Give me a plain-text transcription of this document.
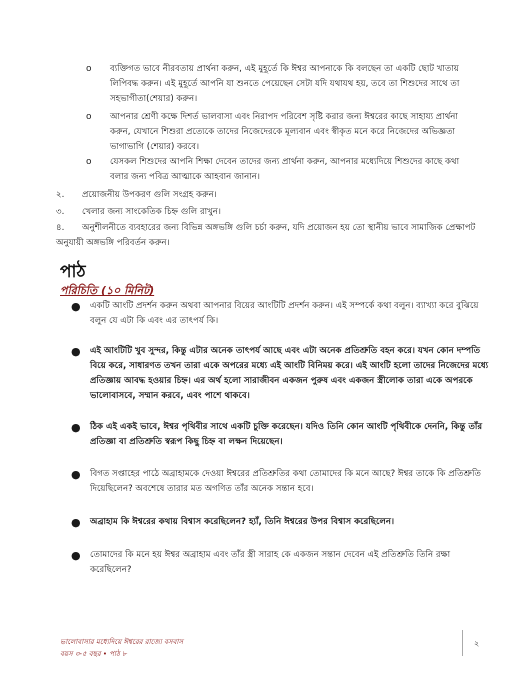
o ব্যক্তিগত ভাবে নীরবতায় প্রার্থনা করুন, এই মুহূর্তে কি ঈশ্বর আপনাকে কি বলছেন তা একটি ছোট খাতায় লিপিবদ্ধ করুন। এই মুহূর্তে আপনি যা শুনতে পেয়েছেন সেটা যদি যথাযথ হয়, তবে তা শিশুদের সাথে তা সহভাগীতা(শেয়ার) করুন।
o আপনার শ্রেণী কক্ষে দিশর্ত ভালবাসা এবং নিরাপদ পরিবেশ সৃষ্টি করার জন্য ঈশ্বরের কাছে সাহায্য প্রার্থনা করুন, যেখানে শিশুরা প্রত্যেকে তাদের নিজেদেরকে মূল্যবান এবং স্বীকৃত মনে করে নিজেদের অভিজ্ঞতা ভাগাভাগি (শেয়ার) করবে।
o যেসকল শিশুদের আপনি শিক্ষা দেবেন তাদের জন্য প্রার্থনা করুন, আপনার মধ্যেদিয়ে শিশুদের কাছে কথা বলার জন্য পবিত্র আত্মাকে আহবান জানান।
২. প্রয়োজনীয় উপকরণ গুলি সংগ্রহ করুন।
৩. খেলার জন্য সাংকেতিক চিহ্ন গুলি রাখুন।
৪. অনুশীলনীতে ব্যবহারের জন্য বিভিন্ন অঙ্গভঙ্গি গুলি চর্চা করুন, যদি প্রয়োজন হয় তো স্থানীয় ভাবে সামাজিক প্রেক্ষাপট অনুযায়ী অঙ্গভঙ্গি পরিবর্তন করুন।
পাঠ
পরিচিতি (১০ মিনিট)
● একটি আংটি প্রদর্শন করুন অথবা আপনার বিয়ের আংটিটি প্রদর্শন করুন। এই সম্পর্কে কথা বলুন। ব্যাখ্যা করে বুঝিয়ে বলুন যে এটা কি এবং এর তাৎপর্য কি।
● এই আংটিটি খুব সুন্দর, কিন্তু এটার অনেক তাৎপর্য আছে এবং এটা অনেক প্রতিশ্রুতি বহন করে। যখন কোন দম্পতি বিয়ে করে, সাধারণত তখন তারা একে অপরের মধ্যে এই আংটি বিনিময় করে। এই আংটি হলো তাদের নিজেদের মধ্যে প্রতিজ্ঞায় আবদ্ধ হওয়ার চিহ্ন। এর অর্থ হলো সারাজীবন একজন পুরুষ এবং একজন স্ত্রীলোক তারা একে অপরকে ভালোবাসবে, সম্মান করবে, এবং পাশে থাকবে।
● ঠিক এই একই ভাবে, ঈশ্বর পৃথিবীর সাথে একটি চুক্তি করেছেন। যদিও তিনি কোন আংটি পৃথিবীকে দেননি, কিন্তু তাঁর প্রতিজ্ঞা বা প্রতিশ্রুতি স্বরূপ কিছু চিহ্ন বা লক্ষন দিয়েছেন।
● বিগত সপ্তাহের পাঠে অব্রাহামকে দেওয়া ঈশ্বরের প্রতিশ্রুতির কথা তোমাদের কি মনে আছে? ঈশ্বর তাকে কি প্রতিশ্রুতি দিয়েছিলেন? অবশেষে তারার মত অগণিত তাঁর অনেক সন্তান হবে।
● অব্রাহাম কি ঈশ্বরের কথায় বিশ্বাস করেছিলেন? হ্যাঁ, তিনি ঈশ্বরের উপর বিশ্বাস করেছিলেন।
● তোমাদের কি মনে হয় ঈশ্বর অব্রাহাম এবং তাঁর স্ত্রী সারাহ কে একজন সন্তান দেবেন এই প্রতিশ্রুতি তিনি রক্ষা করেছিলেন?
ভালোবাসার মধ্যেদিয়ে ঈশ্বরের রাজ্যে বসবাস
বয়স ৩-৫ বছর • পাঠ ৮
২
